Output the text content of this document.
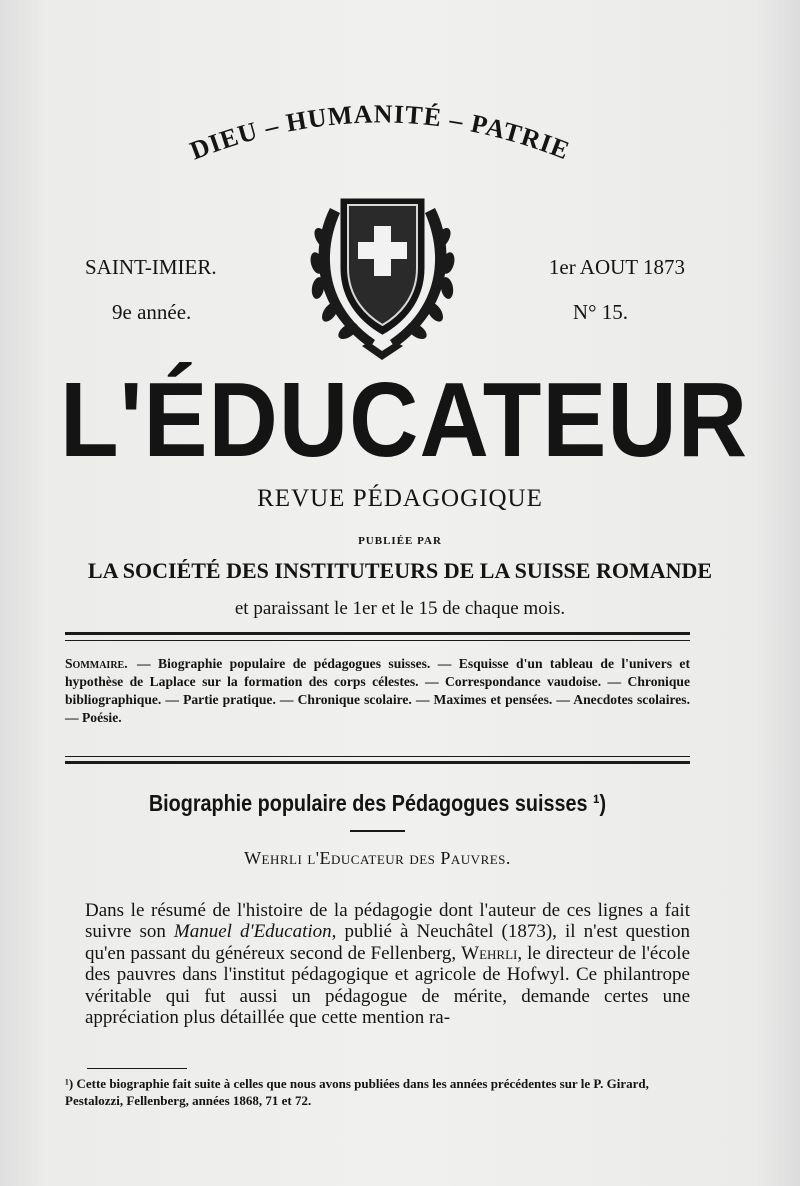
DIEU – HUMANITÉ – PATRIE
SAINT-IMIER.
9e année.
1er AOUT 1873
N° 15.
L'ÉDUCATEUR
REVUE PÉDAGOGIQUE
PUBLIÉE PAR
LA SOCIÉTÉ DES INSTITUTEURS DE LA SUISSE ROMANDE
et paraissant le 1er et le 15 de chaque mois.
Sommaire. — Biographie populaire de pédagogues suisses. — Esquisse d'un tableau de l'univers et hypothèse de Laplace sur la formation des corps célestes. — Correspondance vaudoise. — Chronique bibliographique. — Partie pratique. — Chronique scolaire. — Maximes et pensées. — Anecdotes scolaires. — Poésie.
Biographie populaire des Pédagogues suisses ¹)
Wehrli l'Educateur des Pauvres.
Dans le résumé de l'histoire de la pédagogie dont l'auteur de ces lignes a fait suivre son Manuel d'Education, publié à Neuchâtel (1873), il n'est question qu'en passant du généreux second de Fellenberg, Wehrli, le directeur de l'école des pauvres dans l'institut pédagogique et agricole de Hofwyl. Ce philantrope véritable qui fut aussi un pédagogue de mérite, demande certes une appréciation plus détaillée que cette mention ra-
¹) Cette biographie fait suite à celles que nous avons publiées dans les années précédentes sur le P. Girard, Pestalozzi, Fellenberg, années 1868, 71 et 72.
